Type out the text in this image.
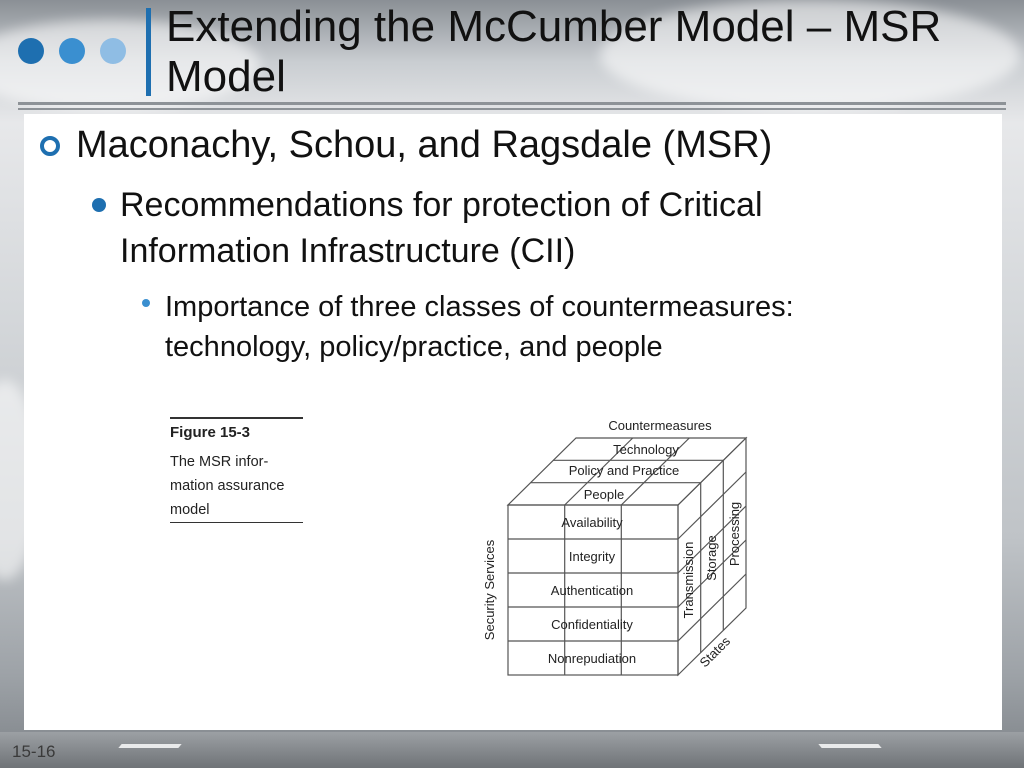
Extending the McCumber Model – MSR Model
Maconachy, Schou, and Ragsdale (MSR)
Recommendations for protection of Critical Information Infrastructure (CII)
Importance of three classes of countermeasures: technology, policy/practice, and people
Figure 15-3
The MSR infor-
mation assurance
model
Countermeasures
Technology
Policy and Practice
People
Availability
Integrity
Authentication
Confidentiality
Nonrepudiation
Security Services	Transmission Storage Processing
States
15-16
